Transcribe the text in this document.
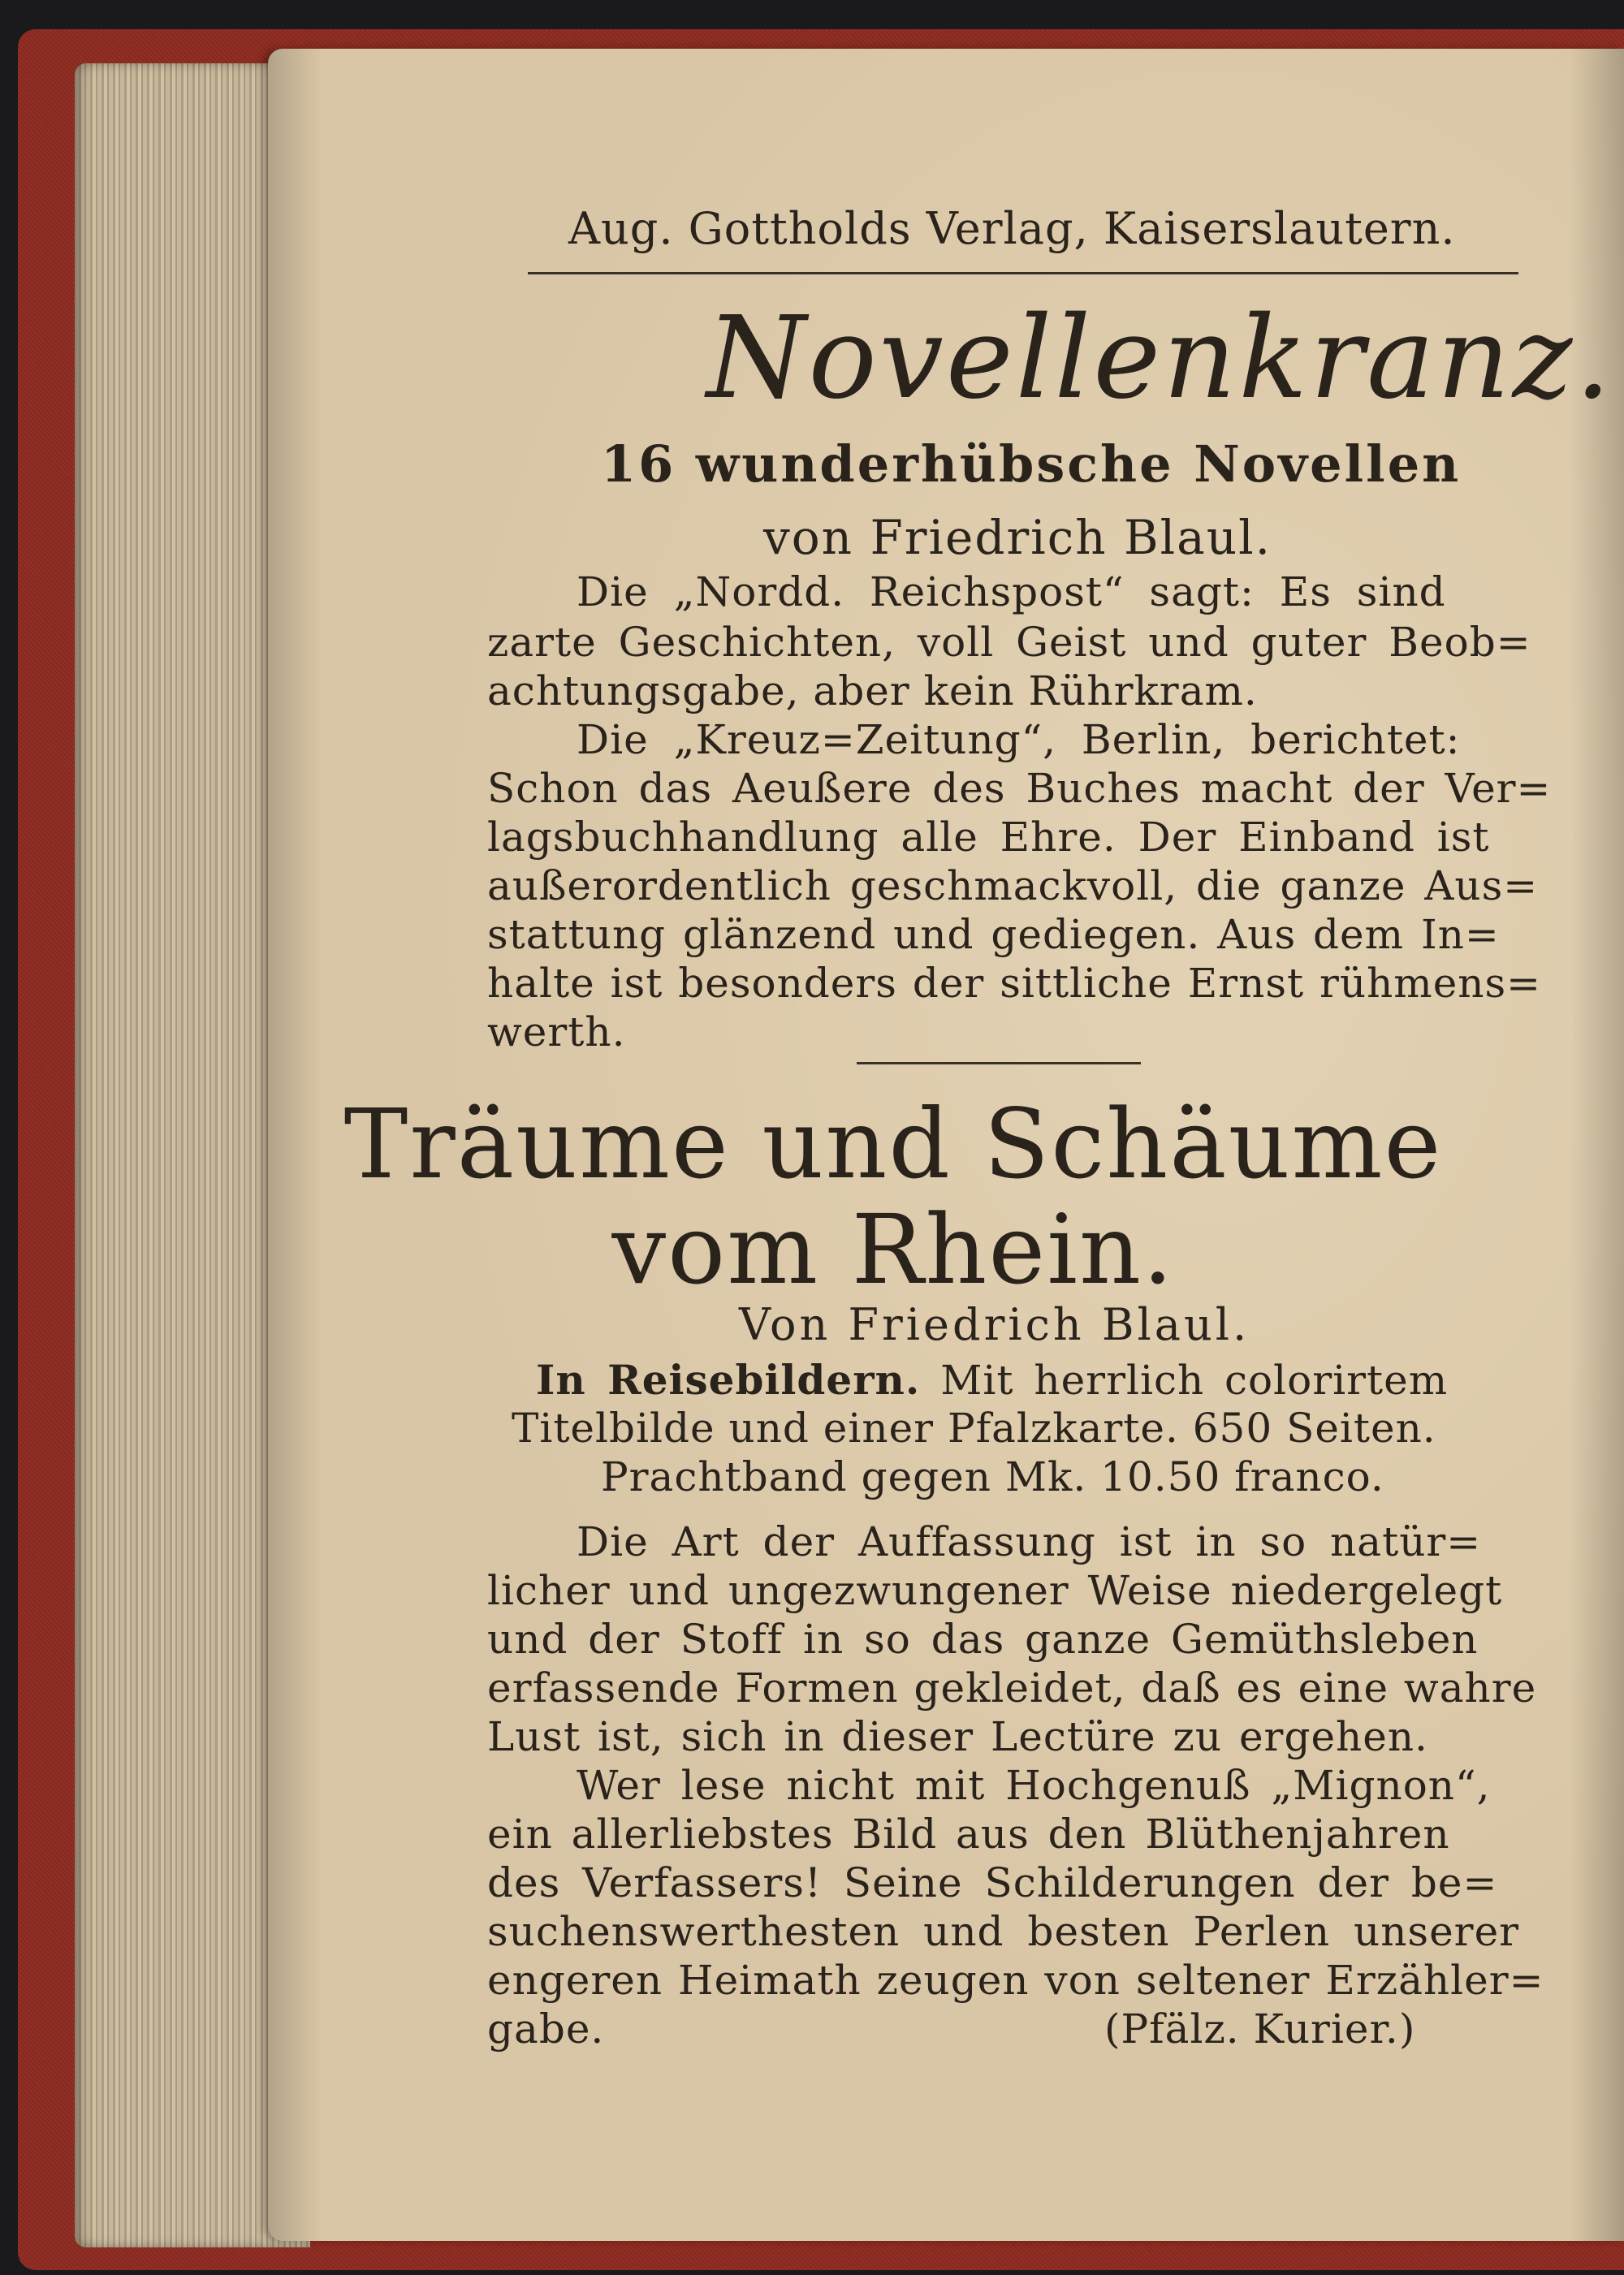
Aug. Gottholds Verlag, Kaiserslautern.
Novellenkranz.
16 wunderhübsche Novellen
von Friedrich Blaul.
Die „Nordd. Reichspost“ sagt: Es sind
zarte Geschichten, voll Geist und guter Beob=
achtungsgabe, aber kein Rührkram.
Die „Kreuz=Zeitung“, Berlin, berichtet:
Schon das Aeußere des Buches macht der Ver=
lagsbuchhandlung alle Ehre. Der Einband ist
außerordentlich geschmackvoll, die ganze Aus=
stattung glänzend und gediegen. Aus dem In=
halte ist besonders der sittliche Ernst rühmens=
werth.
Träume und Schäume
vom Rhein.
Von Friedrich Blaul.
In Reisebildern. Mit herrlich colorirtem
Titelbilde und einer Pfalzkarte. 650 Seiten.
Prachtband gegen Mk. 10.50 franco.
Die Art der Auffassung ist in so natür=
licher und ungezwungener Weise niedergelegt
und der Stoff in so das ganze Gemüthsleben
erfassende Formen gekleidet, daß es eine wahre
Lust ist, sich in dieser Lectüre zu ergehen.
Wer lese nicht mit Hochgenuß „Mignon“,
ein allerliebstes Bild aus den Blüthenjahren
des Verfassers! Seine Schilderungen der be=
suchenswerthesten und besten Perlen unserer
engeren Heimath zeugen von seltener Erzähler=
gabe.	(Pfälz. Kurier.)
